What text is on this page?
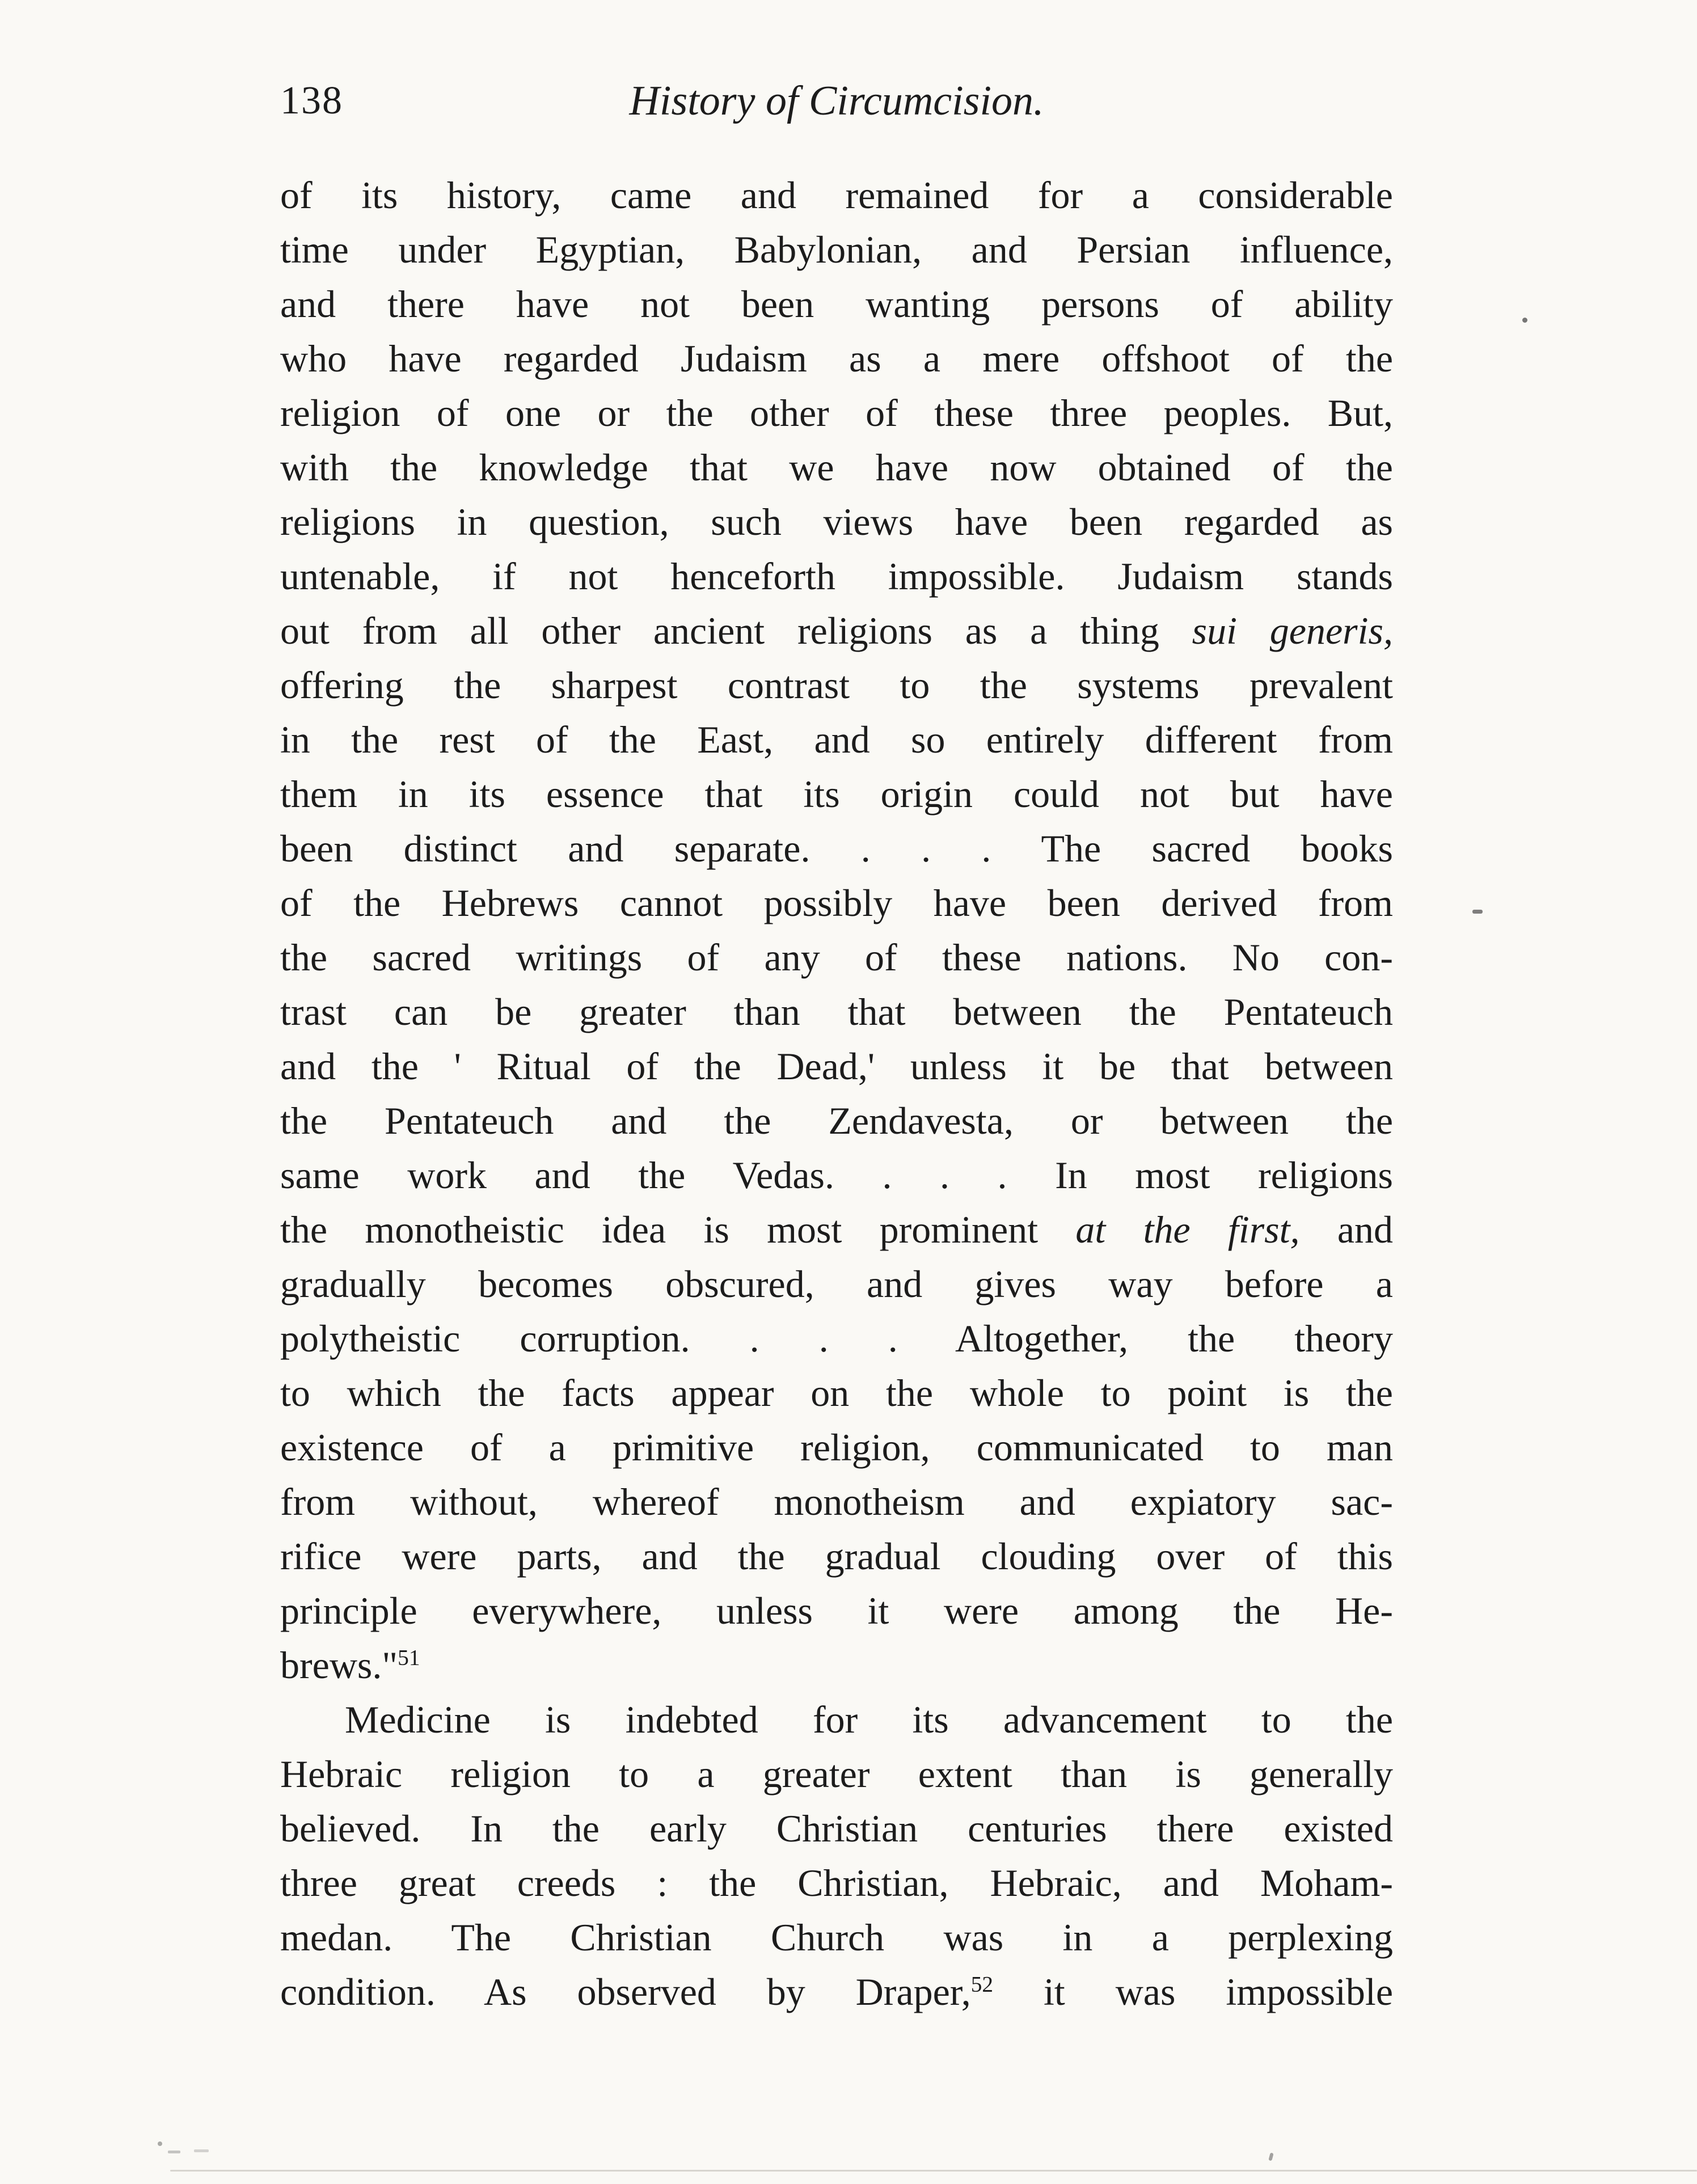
138	History of Circumcision.
of its history, came and remained for a considerable
time under Egyptian, Babylonian, and Persian influence,
and there have not been wanting persons of ability
who have regarded Judaism as a mere offshoot of the
religion of one or the other of these three peoples. But,
with the knowledge that we have now obtained of the
religions in question, such views have been regarded as
untenable, if not henceforth impossible. Judaism stands
out from all other ancient religions as a thing sui generis,
offering the sharpest contrast to the systems prevalent
in the rest of the East, and so entirely different from
them in its essence that its origin could not but have
been distinct and separate. . . . The sacred books
of the Hebrews cannot possibly have been derived from
the sacred writings of any of these nations. No con-
trast can be greater than that between the Pentateuch
and the ' Ritual of the Dead,' unless it be that between
the Pentateuch and the Zendavesta, or between the
same work and the Vedas. . . . In most religions
the monotheistic idea is most prominent at the first, and
gradually becomes obscured, and gives way before a
polytheistic corruption. . . . Altogether, the theory
to which the facts appear on the whole to point is the
existence of a primitive religion, communicated to man
from without, whereof monotheism and expiatory sac-
rifice were parts, and the gradual clouding over of this
principle everywhere, unless it were among the He-
brews."$^{51}$
Medicine is indebted for its advancement to the
Hebraic religion to a greater extent than is generally
believed. In the early Christian centuries there existed
three great creeds : the Christian, Hebraic, and Moham-
medan. The Christian Church was in a perplexing
condition. As observed by Draper,$^{52}$ it was impossible
